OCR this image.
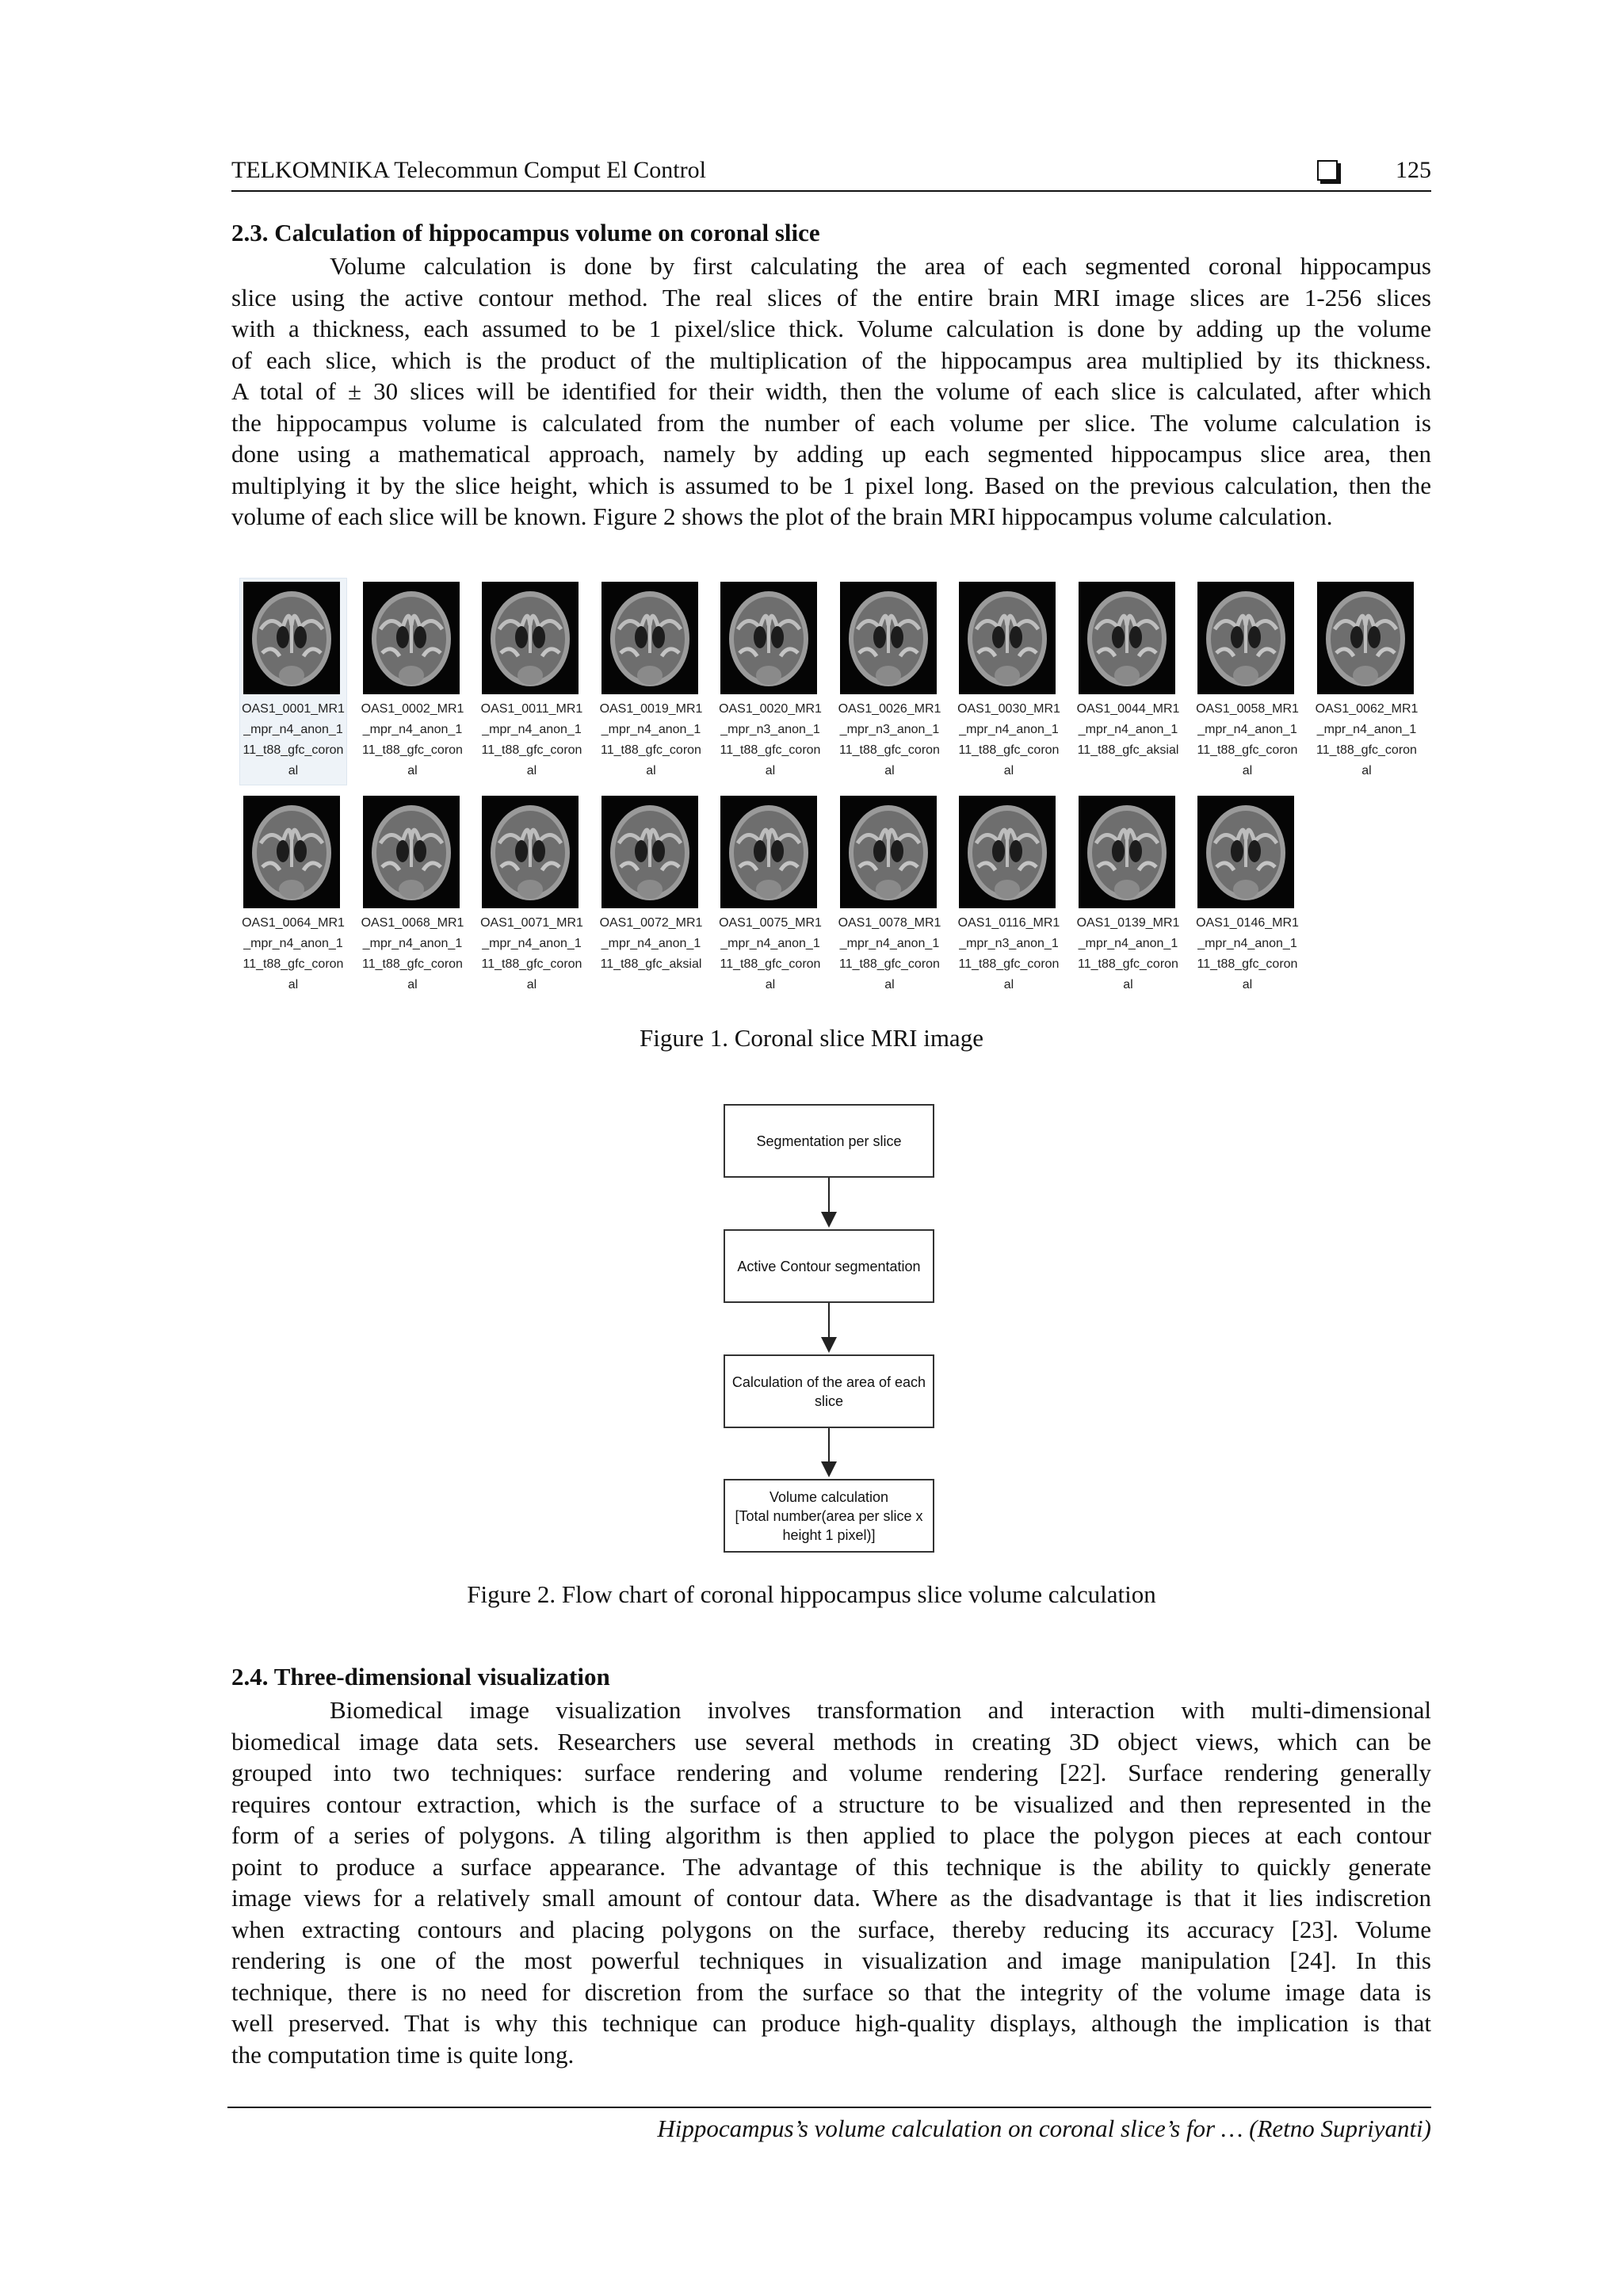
TELKOMNIKA Telecommun Comput El Control	125
2.3. Calculation of hippocampus volume on coronal slice
Volume calculation is done by first calculating the area of each segmented coronal hippocampus
slice using the active contour method. The real slices of the entire brain MRI image slices are 1-256 slices
with a thickness, each assumed to be 1 pixel/slice thick. Volume calculation is done by adding up the volume
of each slice, which is the product of the multiplication of the hippocampus area multiplied by its thickness.
A total of ± 30 slices will be identified for their width, then the volume of each slice is calculated, after which
the hippocampus volume is calculated from the number of each volume per slice. The volume calculation is
done using a mathematical approach, namely by adding up each segmented hippocampus slice area, then
multiplying it by the slice height, which is assumed to be 1 pixel long. Based on the previous calculation, then the
volume of each slice will be known. Figure 2 shows the plot of the brain MRI hippocampus volume calculation.
OAS1_0001_MR1
_mpr_n4_anon_1
11_t88_gfc_coron
al
OAS1_0002_MR1
_mpr_n4_anon_1
11_t88_gfc_coron
al
OAS1_0011_MR1
_mpr_n4_anon_1
11_t88_gfc_coron
al
OAS1_0019_MR1
_mpr_n4_anon_1
11_t88_gfc_coron
al
OAS1_0020_MR1
_mpr_n3_anon_1
11_t88_gfc_coron
al
OAS1_0026_MR1
_mpr_n3_anon_1
11_t88_gfc_coron
al
OAS1_0030_MR1
_mpr_n4_anon_1
11_t88_gfc_coron
al
OAS1_0044_MR1
_mpr_n4_anon_1
11_t88_gfc_aksial
OAS1_0058_MR1
_mpr_n4_anon_1
11_t88_gfc_coron
al
OAS1_0062_MR1
_mpr_n4_anon_1
11_t88_gfc_coron
al
OAS1_0064_MR1
_mpr_n4_anon_1
11_t88_gfc_coron
al
OAS1_0068_MR1
_mpr_n4_anon_1
11_t88_gfc_coron
al
OAS1_0071_MR1
_mpr_n4_anon_1
11_t88_gfc_coron
al
OAS1_0072_MR1
_mpr_n4_anon_1
11_t88_gfc_aksial
OAS1_0075_MR1
_mpr_n4_anon_1
11_t88_gfc_coron
al
OAS1_0078_MR1
_mpr_n4_anon_1
11_t88_gfc_coron
al
OAS1_0116_MR1
_mpr_n3_anon_1
11_t88_gfc_coron
al
OAS1_0139_MR1
_mpr_n4_anon_1
11_t88_gfc_coron
al
OAS1_0146_MR1
_mpr_n4_anon_1
11_t88_gfc_coron
al
Figure 1. Coronal slice MRI image
Segmentation per slice
Active Contour segmentation
Calculation of the area of each slice
Volume calculation
[Total number(area per slice x
height 1 pixel)]
Figure 2. Flow chart of coronal hippocampus slice volume calculation
2.4. Three-dimensional visualization
Biomedical image visualization involves transformation and interaction with multi-dimensional
biomedical image data sets. Researchers use several methods in creating 3D object views, which can be
grouped into two techniques: surface rendering and volume rendering [22]. Surface rendering generally
requires contour extraction, which is the surface of a structure to be visualized and then represented in the
form of a series of polygons. A tiling algorithm is then applied to place the polygon pieces at each contour
point to produce a surface appearance. The advantage of this technique is the ability to quickly generate
image views for a relatively small amount of contour data. Where as the disadvantage is that it lies indiscretion
when extracting contours and placing polygons on the surface, thereby reducing its accuracy [23]. Volume
rendering is one of the most powerful techniques in visualization and image manipulation [24]. In this
technique, there is no need for discretion from the surface so that the integrity of the volume image data is
well preserved. That is why this technique can produce high-quality displays, although the implication is that
the computation time is quite long.
Hippocampus’s volume calculation on coronal slice’s for … (Retno Supriyanti)
